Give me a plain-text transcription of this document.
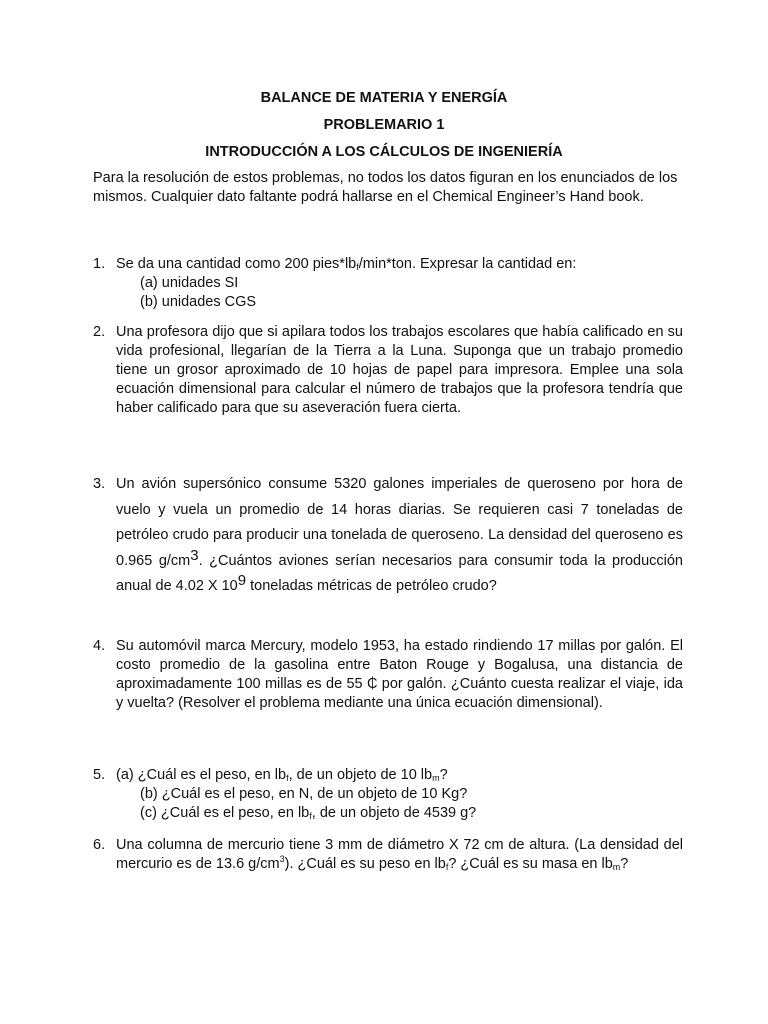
BALANCE DE MATERIA Y ENERGÍA
PROBLEMARIO 1
INTRODUCCIÓN A LOS CÁLCULOS DE INGENIERÍA
Para la resolución de estos problemas, no todos los datos figuran en los enunciados de los mismos. Cualquier dato faltante podrá hallarse en el Chemical Engineer’s Hand book.
1. Se da una cantidad como 200 $pies*lb_f/\min*ton$. Expresar la cantidad en:
(a) unidades SI
(b) unidades CGS
2. Una profesora dijo que si apilara todos los trabajos escolares que había calificado en su vida profesional, llegarían de la Tierra a la Luna. Suponga que un trabajo promedio tiene un grosor aproximado de 10 hojas de papel para impresora. Emplee una sola ecuación dimensional para calcular el número de trabajos que la profesora tendría que haber calificado para que su aseveración fuera cierta.
3. Un avión supersónico consume 5320 galones imperiales de queroseno por hora de vuelo y vuela un promedio de 14 horas diarias. Se requieren casi 7 toneladas de petróleo crudo para producir una tonelada de queroseno. La densidad del queroseno es 0.965 $g/cm^3$. ¿Cuántos aviones serían necesarios para consumir toda la producción anual de 4.02 X $10^9$ toneladas métricas de petróleo crudo?
4. Su automóvil marca Mercury, modelo 1953, ha estado rindiendo 17 millas por galón. El costo promedio de la gasolina entre Baton Rouge y Bogalusa, una distancia de aproximadamente 100 millas es de 55 ₵ por galón. ¿Cuánto cuesta realizar el viaje, ida y vuelta? (Resolver el problema mediante una única ecuación dimensional).
5. (a) ¿Cuál es el peso, en $lb_f$, de un objeto de 10 $lb_m$?
(b) ¿Cuál es el peso, en N, de un objeto de 10 Kg?
(c) ¿Cuál es el peso, en $lb_f$, de un objeto de 4539 g?
6. Una columna de mercurio tiene 3 mm de diámetro X 72 cm de altura. (La densidad del mercurio es de 13.6 $g/cm^3$). ¿Cuál es su peso en $lb_f$? ¿Cuál es su masa en $lb_m$?
